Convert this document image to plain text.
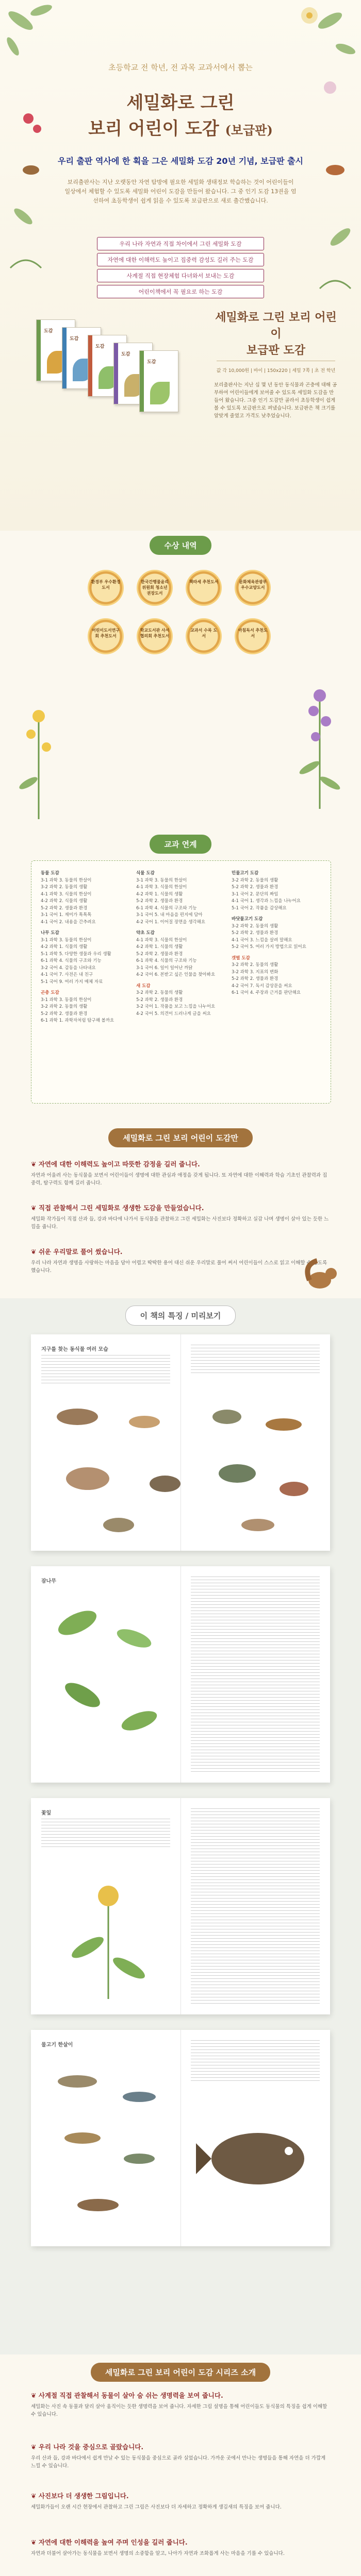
초등학교 전 학년, 전 과목 교과서에서 뽑는
세밀화로 그린
보리 어린이 도감 (보급판)
우리 출판 역사에 한 획을 그은 세밀화 도감 20년 기념, 보급판 출시
보리출판사는 지난 오랫동안 자연 탐방에 필요한 세밀화 생태정보 학습하는 것이 어린이들이 일상에서 체험할 수 있도록 세밀화 어린이 도감을 만들어 왔습니다. 그 중 인기 도감 13권을 엄선하여 초등학생이 쉽게 읽을 수 있도록 보급판으로 새로 출간했습니다.
우리 나라 자연과 직접 차이에서 그린 세밀화 도감
자연에 대한 이해력도 높이고 집중력 감성도 길러 주는 도감
사계절 직접 현장체험 다녀와서 보내는 도감
어린이책에서 꼭 필요로 하는 도감
도감
도감
도감
도감
도감
세밀화로 그린 보리 어린이
보급판 도감
값 각 10,000원 | 바이 | 150x220 | 세밀 7쪽 | 초 전 학년
보리출판사는 지난 십 몇 년 동안 동식물과 곤충에 대해 공부하여 어린이들에게 보여줄 수 있도록 세밀화 도감을 만들어 왔습니다. 그중 인기 도감만 골라서 초등학생이 쉽게 볼 수 있도록 보급판으로 펴냈습니다. 보급판은 책 크기를 알맞게 줄였고 가격도 낮추었습니다.
수상 내역
환경부 우수환경 도서

한국간행물윤리위원회 청소년 권장도서

책따세 추천도서
	문화체육관광부 우수교양도서

어린이도서연구회 추천도서

학교도서관 사서협의회 추천도서

교과서 수록 도서

아침독서 추천도서
교과 연계
동물 도감
3-1 과학 3. 동물의 한살이
3-2 과학 2. 동물의 생활
4-1 과학 3. 식물의 한살이
4-2 과학 2. 식물의 생활
5-2 과학 2. 생물과 환경
3-1 국어 1. 재미가 톡톡톡
4-1 국어 2. 내용을 간추려요
나무 도감
3-1 과학 3. 동물의 한살이
4-2 과학 1. 식물의 생활
5-1 과학 5. 다양한 생물과 우리 생활
6-1 과학 4. 식물의 구조와 기능
3-2 국어 4. 감동을 나타내요
4-1 국어 7. 사전은 내 친구
5-1 국어 9. 여러 가지 매체 자료
곤충 도감
3-1 과학 3. 동물의 한살이
3-2 과학 2. 동물의 생활
5-2 과학 2. 생물과 환경
6-1 과학 1. 과학자처럼 탐구해 볼까요
식물 도감
3-1 과학 3. 동물의 한살이
4-1 과학 3. 식물의 한살이
4-2 과학 1. 식물의 생활
5-2 과학 2. 생물과 환경
6-1 과학 4. 식물의 구조와 기능
3-1 국어 5. 내 마음을 편지에 담아
4-2 국어 1. 이어질 장면을 생각해요
약초 도감
4-1 과학 3. 식물의 한살이
4-2 과학 1. 식물의 생활
5-2 과학 2. 생물과 환경
6-1 과학 4. 식물의 구조와 기능
3-1 국어 6. 일이 일어난 까닭
4-2 국어 6. 본받고 싶은 인물을 찾아봐요
새 도감
3-2 과학 2. 동물의 생활
5-2 과학 2. 생물과 환경
3-2 국어 1. 작품을 보고 느낌을 나누어요
4-2 국어 5. 의견이 드러나게 글을 써요
민물고기 도감
3-2 과학 2. 동물의 생활
5-2 과학 2. 생물과 환경
3-1 국어 2. 문단의 짜임
4-1 국어 1. 생각과 느낌을 나누어요
5-1 국어 2. 작품을 감상해요
바닷물고기 도감
3-2 과학 2. 동물의 생활
5-2 과학 2. 생물과 환경
4-1 국어 3. 느낌을 살려 말해요
5-2 국어 5. 여러 가지 방법으로 읽어요
갯벌 도감
3-2 과학 2. 동물의 생활
3-2 과학 3. 지표의 변화
5-2 과학 2. 생물과 환경
4-2 국어 7. 독서 감상문을 써요
6-1 국어 4. 주장과 근거를 판단해요
세밀화로 그린 보리 어린이 도감만
❦ 자연에 대한 이해력도 높이고 따뜻한 감정을 길러 줍니다.
자연과 어울려 사는 동식물을 보면서 어린이들이 생명에 대한 관심과 애정을 갖게 됩니다. 또 자연에 대한 이해력과 학습 기초인 관찰력과 집중력, 탐구력도 함께 길러 줍니다.
❦ 직접 관찰해서 그린 세밀화로 생생한 도감을 만들었습니다.
세밀화 작가들이 직접 산과 들, 강과 바다에 나가서 동식물을 관찰하고 그린 세밀화는 사진보다 정확하고 실감 나며 생명이 살아 있는 듯한 느낌을 줍니다.
❦ 쉬운 우리말로 풀어 썼습니다.
우리 나라 자연과 생명을 사랑하는 마음을 담아 어렵고 딱딱한 용어 대신 쉬운 우리말로 풀어 써서 어린이들이 스스로 읽고 이해할 수 있도록 했습니다.
이 책의 특징 / 미리보기
지구를 찾는 동식물 여러 모습
잠나무
꽃잎
물고기 한살이
세밀화로 그린 보리 어린이 도감 시리즈 소개
❦ 사계절 직접 관찰해서 동물이 살아 숨 쉬는 생명력을 보여 줍니다.
세밀화는 사진 속 동물과 달리 살아 움직이는 듯한 생명력을 보여 줍니다. 자세한 그림 설명을 통해 어린이들도 동식물의 특징을 쉽게 이해할 수 있습니다.
❦ 우리 나라 것을 중심으로 골랐습니다.
우리 산과 들, 강과 바다에서 쉽게 만날 수 있는 동식물을 중심으로 골라 실었습니다. 가까운 곳에서 만나는 생명들을 통해 자연을 더 가깝게 느낄 수 있습니다.
❦ 사진보다 더 생생한 그림입니다.
세밀화가들이 오랜 시간 현장에서 관찰하고 그린 그림은 사진보다 더 자세하고 정확하게 생김새의 특징을 보여 줍니다.
❦ 자연에 대한 이해력을 높여 주며 인성을 길러 줍니다.
자연과 더불어 살아가는 동식물을 보면서 생명의 소중함을 알고, 나아가 자연과 조화롭게 사는 마음을 기를 수 있습니다.
